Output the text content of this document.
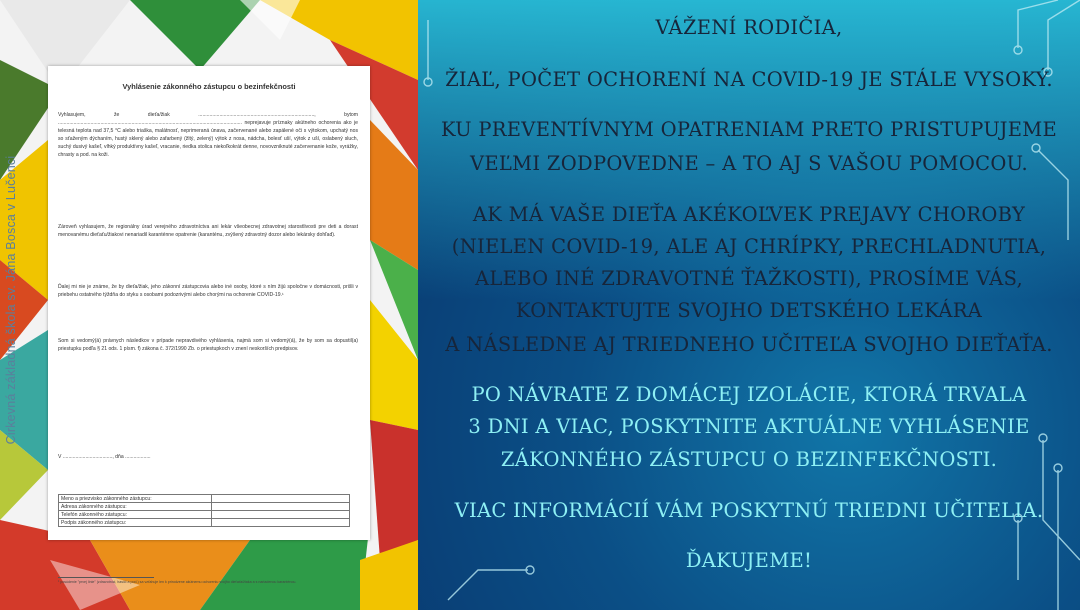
Cirkevná základná škola sv. Jána Bosca v Lučenci
Vyhlásenie zákonného zástupcu o bezinfekčnosti
Vyhlasujem, že dieťa/žiak .................................................................................., bytom .................................................................................................................................. neprejavuje príznaky akútneho ochorenia ako je telesná teplota nad 37,5 °C alebo triaška, malátnosť, neprimeraná únava, začervenané alebo zapálené oči s výtokom, upchatý nos so sťaženým dýchaním, hustý sklený alebo zafarbený (žltý, zelený) výtok z nosa, nádcha, bolesť uší, výtok z uší, oslabený sluch, suchý dusivý kašeľ, vlhký produktívny kašeľ, vracanie, riedka stolica niekoľkokrát denne, novovzniknuté začervenanie kože, vyrážky, chrasty a pod. na koži.
Zároveň vyhlasujem, že regionálny úrad verejného zdravotníctva ani lekár všeobecnej zdravotnej starostlivosti pre deti a dorast menovanému dieťaťu/žiakovi nenariadil karanténne opatrenie (karanténu, zvýšený zdravotný dozor alebo lekársky dohľad).
Ďalej mi nie je známe, že by dieťa/žiak, jeho zákonní zástupcovia alebo iné osoby, ktoré s ním žijú spoločne v domácnosti, prišli v priebehu ostatného týždňa do styku s osobami podozrivými alebo chorými na ochorenie COVID-19.¹
Som si vedomý(á) právnych následkov v prípade nepravdivého vyhlásenia, najmä som si vedomý(á), že by som sa dopustil(a) priestupku podľa § 21 ods. 1 písm. f) zákona č. 372/1990 Zb. o priestupkoch v znení neskorších predpisov.
V ..................................., dňa ..................
Meno a priezvisko zákonného zástupcu:	
Adresa zákonného zástupcu:	
Telefón zákonného zástupcu:	
Podpis zákonného zástupcu:	
¹ posúdenie "prvej línie" (zdravotníci, hasiči a pod.) sa vzťahuje len k prirodzene akútnemu ochoreniu svojho dieťaťa/žiaka a s nariadenou karanténou.
VÁŽENÍ RODIČIA,
ŽIAĽ, POČET OCHORENÍ NA COVID-19 JE STÁLE VYSOKÝ.
KU PREVENTÍVNYM OPATRENIAM PRETO PRISTUPUJEME
VEĽMI ZODPOVEDNE – A TO AJ S VAŠOU POMOCOU.
AK MÁ VAŠE DIEŤA AKÉKOĽVEK PREJAVY CHOROBY
(NIELEN COVID-19, ALE AJ CHRÍPKY, PRECHLADNUTIA,
ALEBO INÉ ZDRAVOTNÉ ŤAŽKOSTI), PROSÍME VÁS,
KONTAKTUJTE SVOJHO DETSKÉHO LEKÁRA
A NÁSLEDNE AJ TRIEDNEHO UČITEĽA SVOJHO DIEŤAŤA.
PO NÁVRATE Z DOMÁCEJ IZOLÁCIE, KTORÁ TRVALA
3 DNI A VIAC, POSKYTNITE AKTUÁLNE VYHLÁSENIE
ZÁKONNÉHO ZÁSTUPCU O BEZINFEKČNOSTI.
VIAC INFORMÁCIÍ VÁM POSKYTNÚ TRIEDNI UČITELIA.
ĎAKUJEME!
